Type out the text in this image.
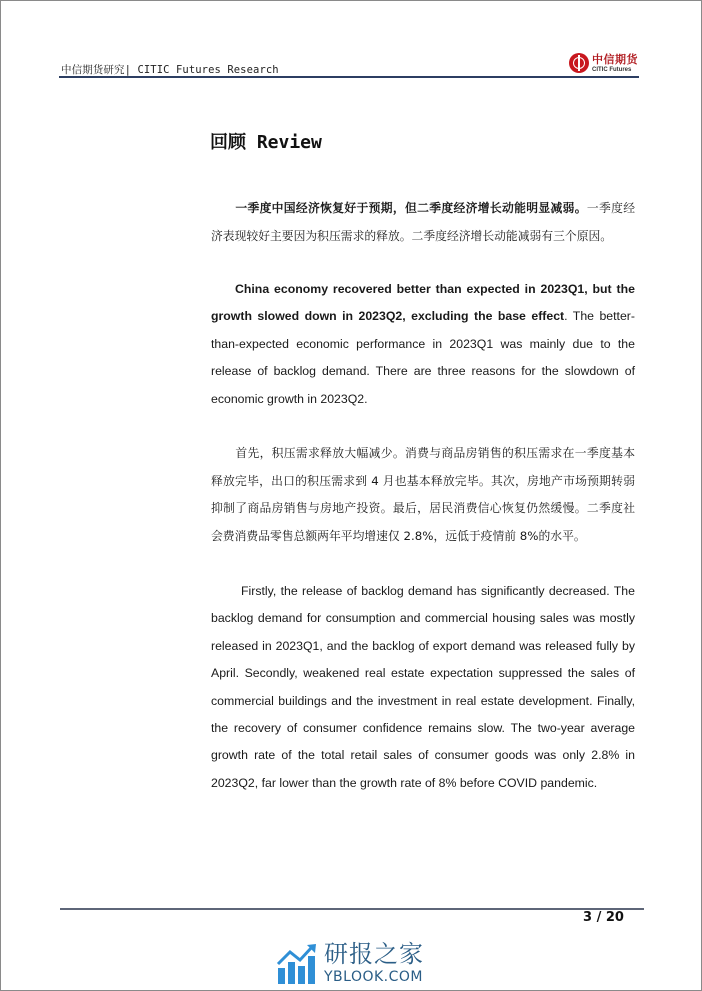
中信期货研究| CITIC Futures Research
中信期货
CITIC Futures
回顾 Review
一季度中国经济恢复好于预期，但二季度经济增长动能明显减弱。一季度经济表现较好主要因为积压需求的释放。二季度经济增长动能减弱有三个原因。
China economy recovered better than expected in 2023Q1, but the growth slowed down in 2023Q2, excluding the base effect. The better-than-expected economic performance in 2023Q1 was mainly due to the release of backlog demand. There are three reasons for the slowdown of economic growth in 2023Q2.
首先，积压需求释放大幅减少。消费与商品房销售的积压需求在一季度基本释放完毕，出口的积压需求到 4 月也基本释放完毕。其次，房地产市场预期转弱抑制了商品房销售与房地产投资。最后，居民消费信心恢复仍然缓慢。二季度社会费消费品零售总额两年平均增速仅 2.8%，远低于疫情前 8%的水平。
Firstly, the release of backlog demand has significantly decreased. The backlog demand for consumption and commercial housing sales was mostly released in 2023Q1, and the backlog of export demand was released fully by April. Secondly, weakened real estate expectation suppressed the sales of commercial buildings and the investment in real estate development. Finally, the recovery of consumer confidence remains slow. The two-year average growth rate of the total retail sales of consumer goods was only 2.8% in 2023Q2, far lower than the growth rate of 8% before COVID pandemic.
3 / 20
研报之家
YBLOOK.COM
